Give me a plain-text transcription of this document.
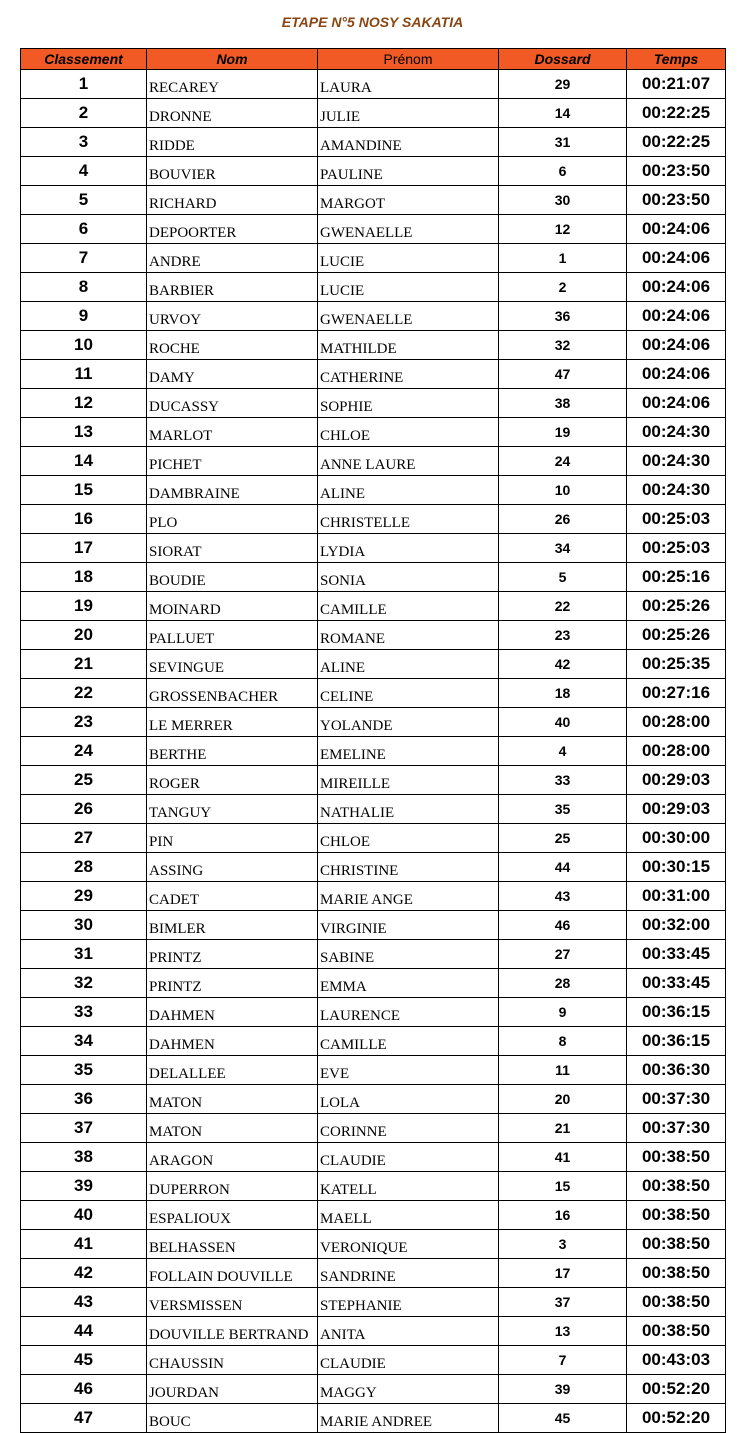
ETAPE N°5 NOSY SAKATIA
Classement	Nom	Prénom	Dossard	Temps
1	RECAREY	LAURA	29	00:21:07
2	DRONNE	JULIE	14	00:22:25
3	RIDDE	AMANDINE	31	00:22:25
4	BOUVIER	PAULINE	6	00:23:50
5	RICHARD	MARGOT	30	00:23:50
6	DEPOORTER	GWENAELLE	12	00:24:06
7	ANDRE	LUCIE	1	00:24:06
8	BARBIER	LUCIE	2	00:24:06
9	URVOY	GWENAELLE	36	00:24:06
10	ROCHE	MATHILDE	32	00:24:06
11	DAMY	CATHERINE	47	00:24:06
12	DUCASSY	SOPHIE	38	00:24:06
13	MARLOT	CHLOE	19	00:24:30
14	PICHET	ANNE LAURE	24	00:24:30
15	DAMBRAINE	ALINE	10	00:24:30
16	PLO	CHRISTELLE	26	00:25:03
17	SIORAT	LYDIA	34	00:25:03
18	BOUDIE	SONIA	5	00:25:16
19	MOINARD	CAMILLE	22	00:25:26
20	PALLUET	ROMANE	23	00:25:26
21	SEVINGUE	ALINE	42	00:25:35
22	GROSSENBACHER	CELINE	18	00:27:16
23	LE MERRER	YOLANDE	40	00:28:00
24	BERTHE	EMELINE	4	00:28:00
25	ROGER	MIREILLE	33	00:29:03
26	TANGUY	NATHALIE	35	00:29:03
27	PIN	CHLOE	25	00:30:00
28	ASSING	CHRISTINE	44	00:30:15
29	CADET	MARIE ANGE	43	00:31:00
30	BIMLER	VIRGINIE	46	00:32:00
31	PRINTZ	SABINE	27	00:33:45
32	PRINTZ	EMMA	28	00:33:45
33	DAHMEN	LAURENCE	9	00:36:15
34	DAHMEN	CAMILLE	8	00:36:15
35	DELALLEE	EVE	11	00:36:30
36	MATON	LOLA	20	00:37:30
37	MATON	CORINNE	21	00:37:30
38	ARAGON	CLAUDIE	41	00:38:50
39	DUPERRON	KATELL	15	00:38:50
40	ESPALIOUX	MAELL	16	00:38:50
41	BELHASSEN	VERONIQUE	3	00:38:50
42	FOLLAIN DOUVILLE	SANDRINE	17	00:38:50
43	VERSMISSEN	STEPHANIE	37	00:38:50
44	DOUVILLE BERTRAND	ANITA	13	00:38:50
45	CHAUSSIN	CLAUDIE	7	00:43:03
46	JOURDAN	MAGGY	39	00:52:20
47	BOUC	MARIE ANDREE	45	00:52:20
